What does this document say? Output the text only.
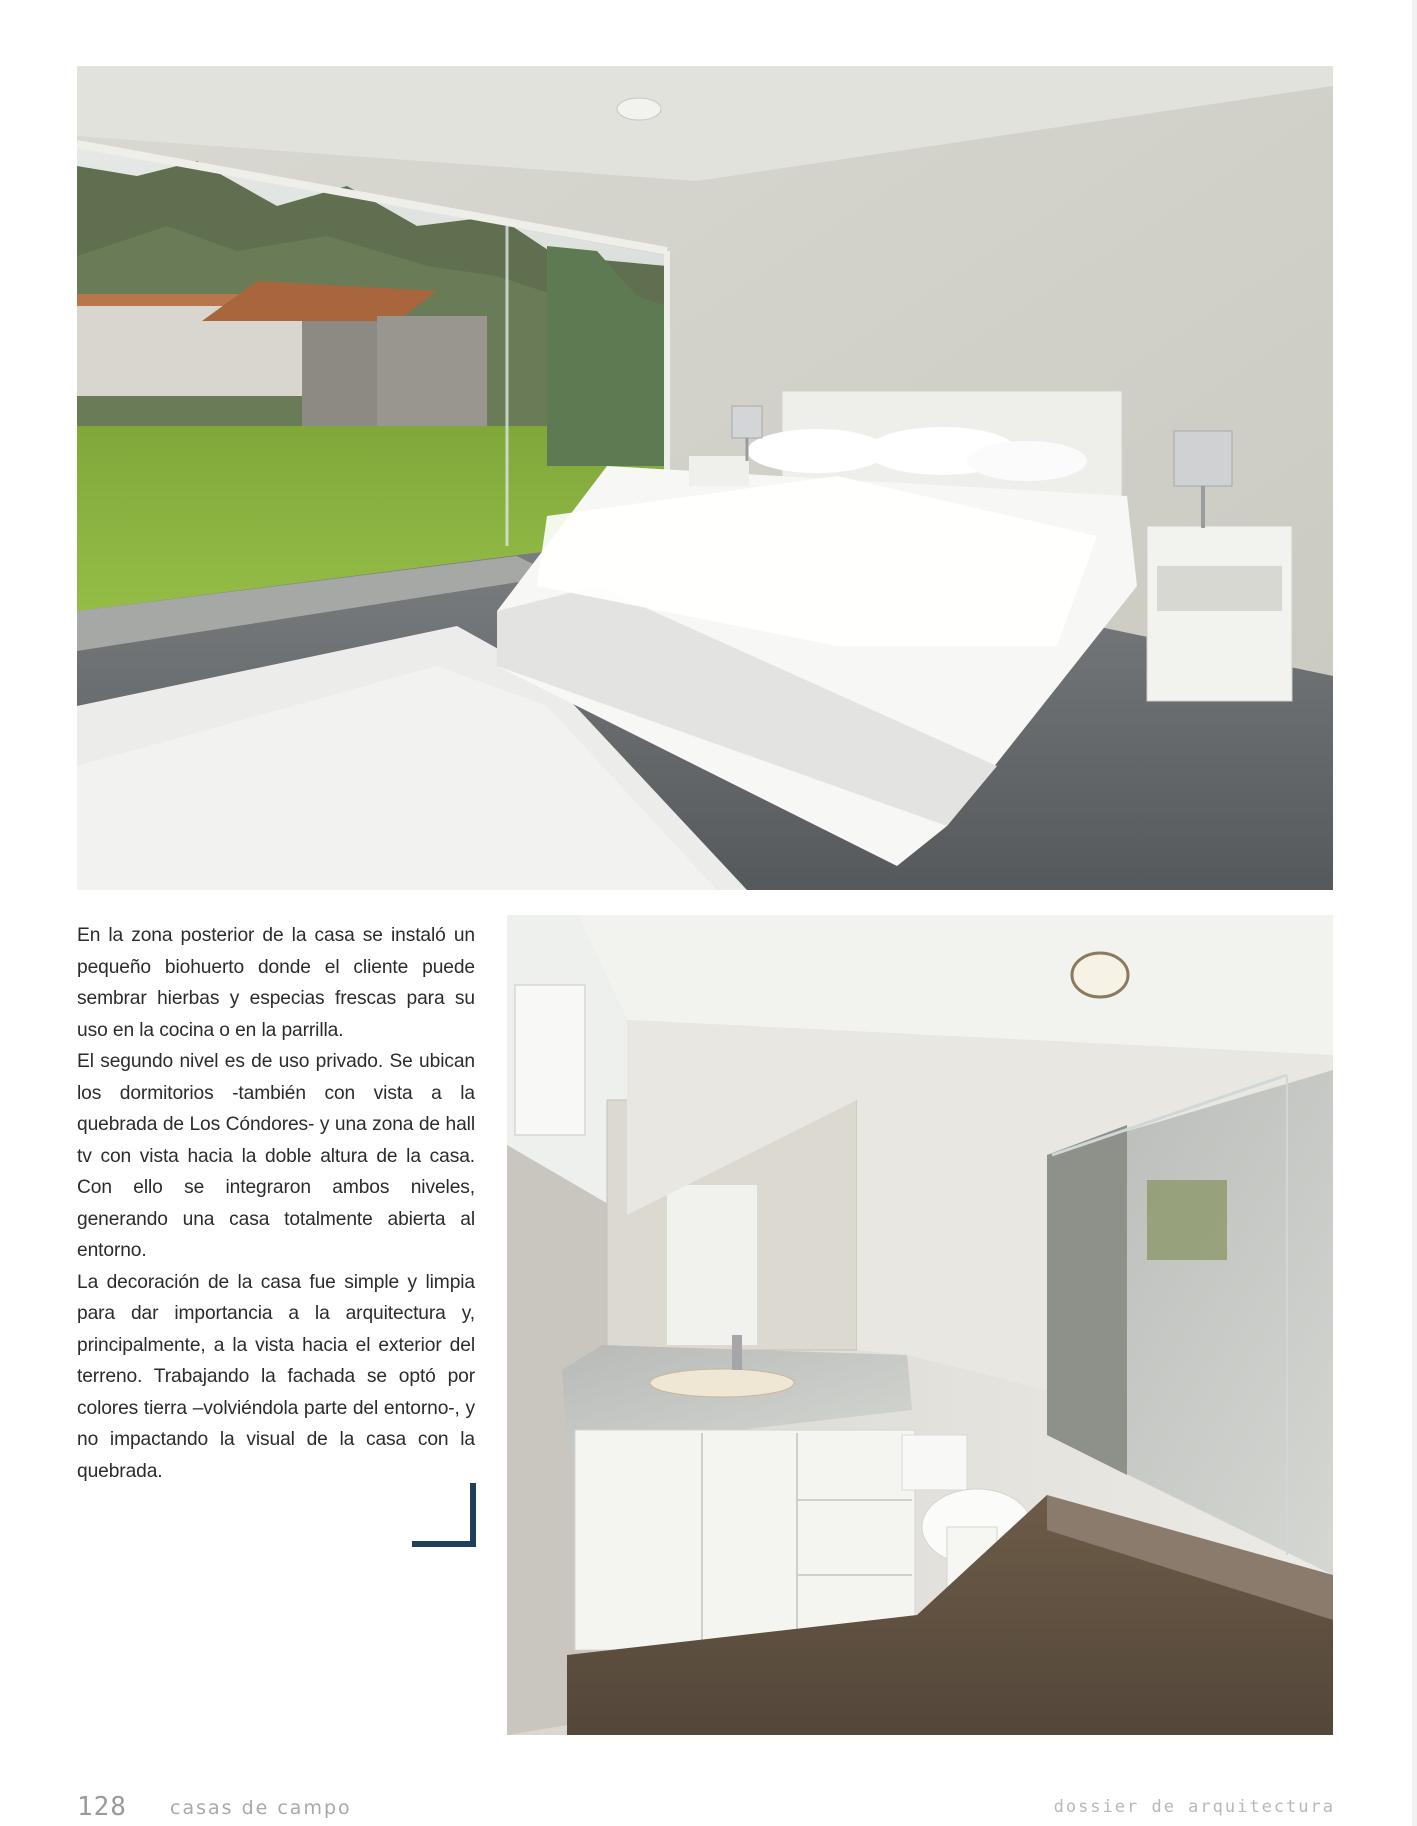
En la zona posterior de la casa se instaló un pequeño biohuerto donde el cliente puede sembrar hierbas y especias frescas para su uso en la cocina o en la parrilla.

El segundo nivel es de uso privado. Se ubican los dormitorios -también con vista a la quebrada de Los Cóndores- y una zona de hall tv con vista hacia la doble altura de la casa. Con ello se integraron ambos niveles, generando una casa totalmente abierta al entorno.

La decoración de la casa fue simple y limpia para dar importancia a la arquitectura y, principalmente, a la vista hacia el exterior del terreno. Trabajando la fachada se optó por colores tierra –volviéndola parte del entorno-, y no impactando la visual de la casa con la quebrada.

128 casas de campo	dossier de arquitectura
